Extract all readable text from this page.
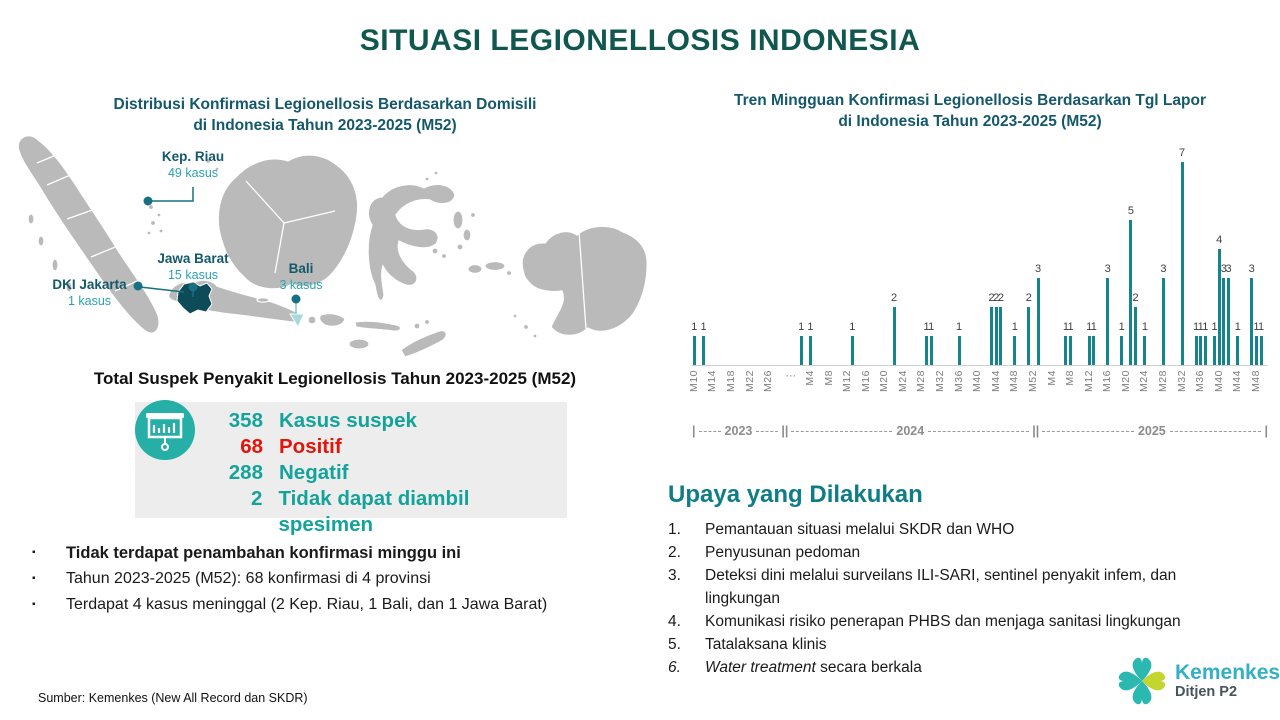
SITUASI LEGIONELLOSIS INDONESIA
Distribusi Konfirmasi Legionellosis Berdasarkan Domisili
di Indonesia Tahun 2023-2025 (M52)
Kep. Riau
49 kasus
Jawa Barat
15 kasus
DKI Jakarta
1 kasus
Bali
3 kasus
Total Suspek Penyakit Legionellosis Tahun 2023-2025 (M52)
358 Kasus suspek
68 Positif
288 Negatif
2 Tidak dapat diambil spesimen
▪	Tidak terdapat penambahan konfirmasi minggu ini
▪	Tahun 2023-2025 (M52): 68 konfirmasi di 4 provinsi
▪	Terdapat 4 kasus meninggal (2 Kep. Riau, 1 Bali, dan 1 Jawa Barat)
Tren Mingguan Konfirmasi Legionellosis Berdasarkan Tgl Lapor
di Indonesia Tahun 2023-2025 (M52)
1 1	1 1	1
2
1
1	1
2
2
2
1
2
3
1
1	1
1
3
1
5
2
1
3
7
1
1
1 1
4
3
3
1
3
1
1
M10 M14 M18 M22 M26 ⋮ M4 M8 M12 M16 M20 M24 M28 M32 M36 M40 M44 M48 M52 M4 M8 M12 M16 M20 M24 M28 M32 M36 M40 M44 M48
| 2023 | |	2024	| |	2025	|
Upaya yang Dilakukan
1.	Pemantauan situasi melalui SKDR dan WHO
2.	Penyusunan pedoman
3.	Deteksi dini melalui surveilans ILI-SARI, sentinel penyakit infem, dan lingkungan
4.	Komunikasi risiko penerapan PHBS dan menjaga sanitasi lingkungan
5.	Tatalaksana klinis
6.	Water treatment secara berkala
Sumber: Kemenkes (New All Record dan SKDR)
Kemenkes
Ditjen P2
